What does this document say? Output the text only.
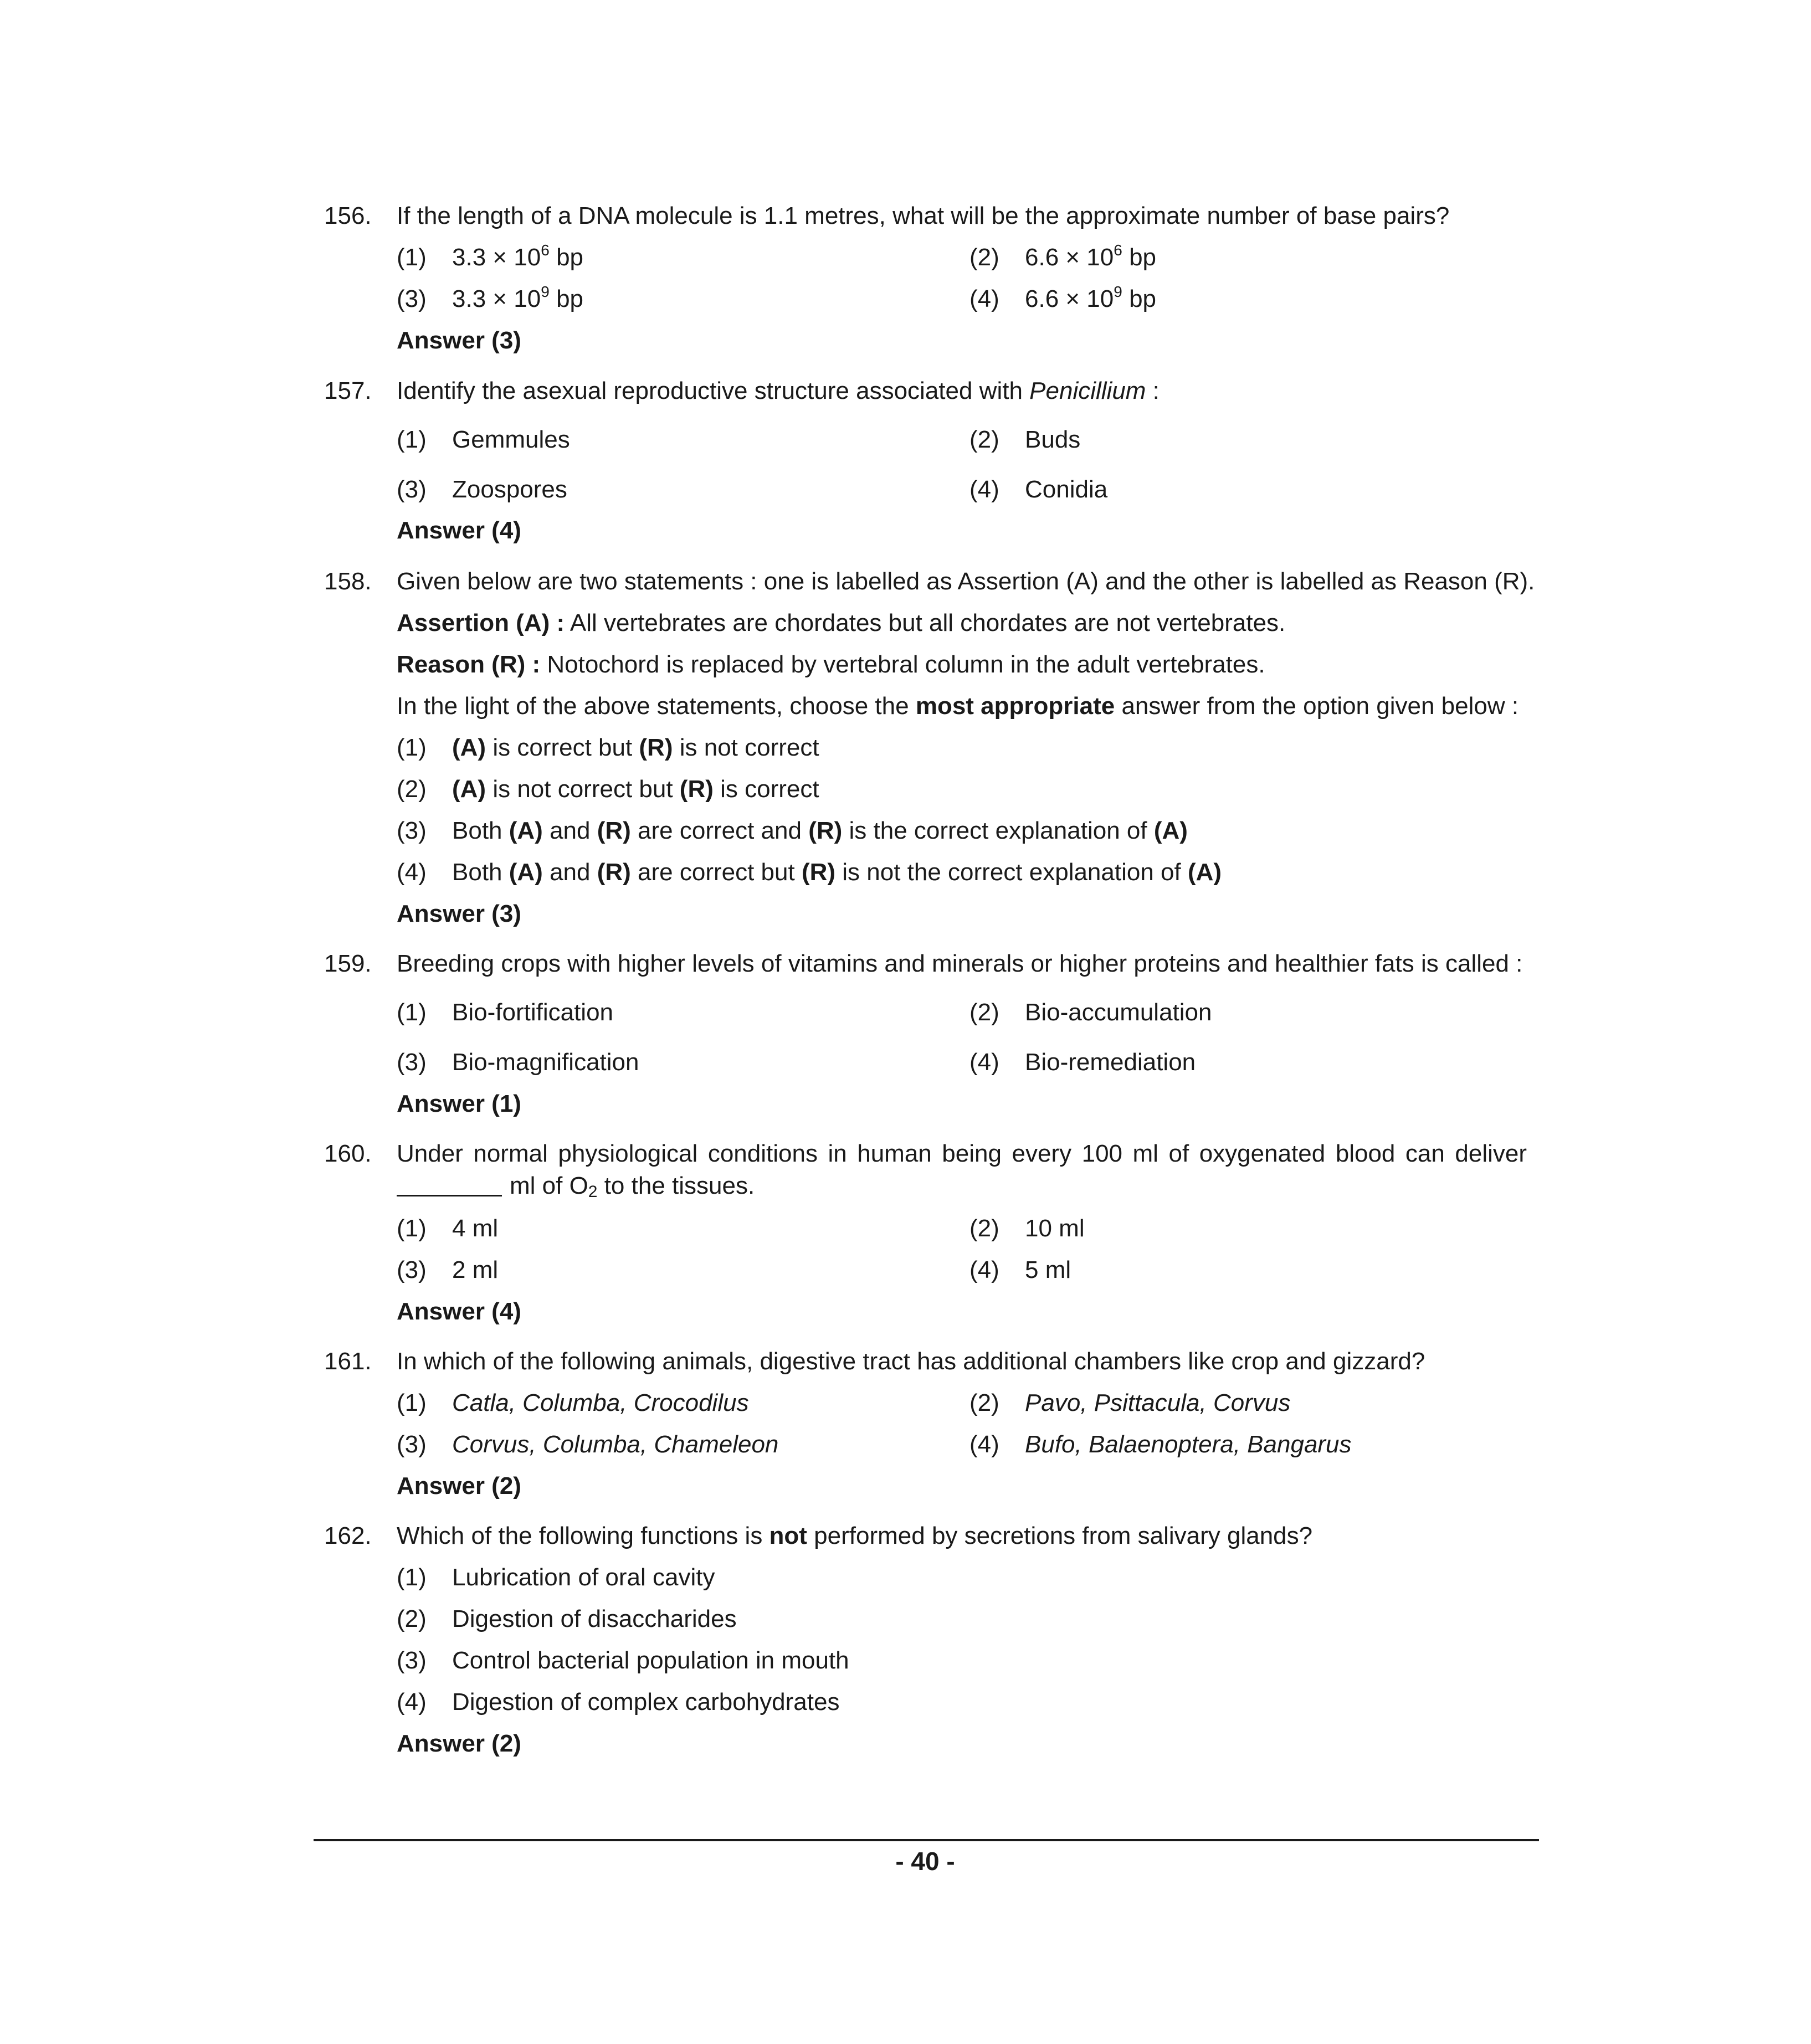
156. If the length of a DNA molecule is 1.1 metres, what will be the approximate number of base pairs?
(1) $3.3 \times 10^6$ bp	(2) $6.6 \times 10^6$ bp
(3) $3.3 \times 10^9$ bp	(4) $6.6 \times 10^9$ bp
Answer (3)
157. Identify the asexual reproductive structure associated with Penicillium :
(1) Gemmules	(2) Buds
(3) Zoospores	(4) Conidia
Answer (4)
158. Given below are two statements : one is labelled as Assertion (A) and the other is labelled as Reason (R).
Assertion (A) : All vertebrates are chordates but all chordates are not vertebrates.
Reason (R) : Notochord is replaced by vertebral column in the adult vertebrates.
In the light of the above statements, choose the most appropriate answer from the option given below :
(1) (A) is correct but (R) is not correct
(2) (A) is not correct but (R) is correct
(3) Both (A) and (R) are correct and (R) is the correct explanation of (A)
(4) Both (A) and (R) are correct but (R) is not the correct explanation of (A)
Answer (3)
159. Breeding crops with higher levels of vitamins and minerals or higher proteins and healthier fats is called :
(1) Bio-fortification	(2) Bio-accumulation
(3) Bio-magnification	(4) Bio-remediation
Answer (1)
160. Under normal physiological conditions in human being every 100 ml of oxygenated blood can deliver
ml of $O_2$ to the tissues.
(1) 4 ml	(2) 10 ml
(3) 2 ml	(4) 5 ml
Answer (4)
161. In which of the following animals, digestive tract has additional chambers like crop and gizzard?
(1) Catla, Columba, Crocodilus	(2) Pavo, Psittacula, Corvus
(3) Corvus, Columba, Chameleon	(4) Bufo, Balaenoptera, Bangarus
Answer (2)
162. Which of the following functions is not performed by secretions from salivary glands?
(1) Lubrication of oral cavity
(2) Digestion of disaccharides
(3) Control bacterial population in mouth
(4) Digestion of complex carbohydrates
Answer (2)
- 40 -
